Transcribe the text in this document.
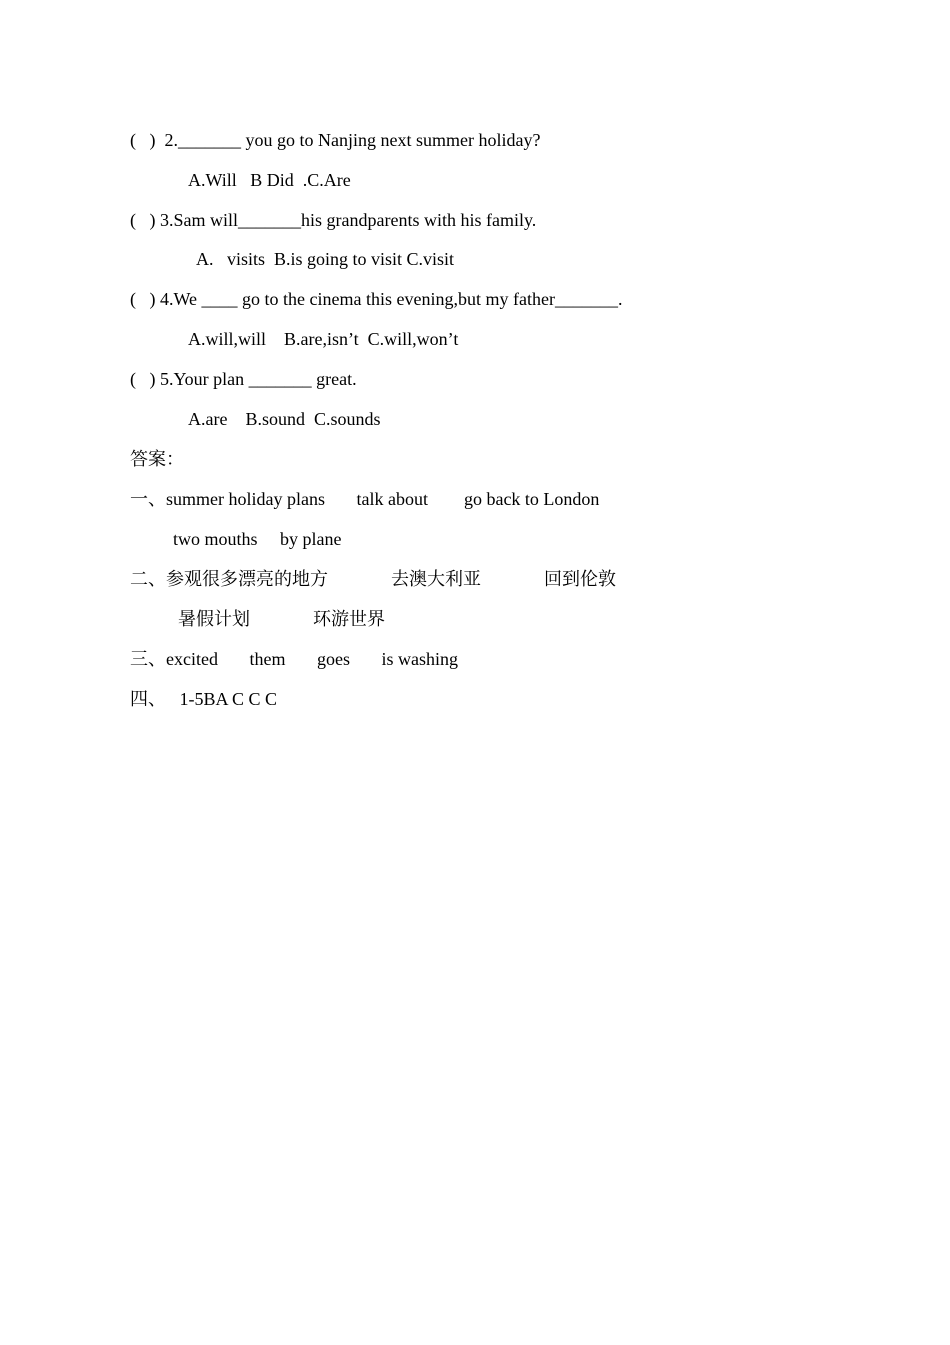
(   )  2._______ you go to Nanjing next summer holiday?
A.Will   B Did  .C.Are
(   ) 3.Sam will_______his grandparents with his family.
A.   visits  B.is going to visit C.visit
(   ) 4.We ____ go to the cinema this evening,but my father_______.
A.will,will    B.are,isn’t  C.will,won’t
(   ) 5.Your plan _______ great.
A.are    B.sound  C.sounds
答案：
一、summer holiday plans       talk about        go back to London
two mouths     by plane
二、参观很多漂亮的地方              去澳大利亚              回到伦敦
暑假计划              环游世界
三、excited       them       goes       is washing
四、   1-5BA C C C
